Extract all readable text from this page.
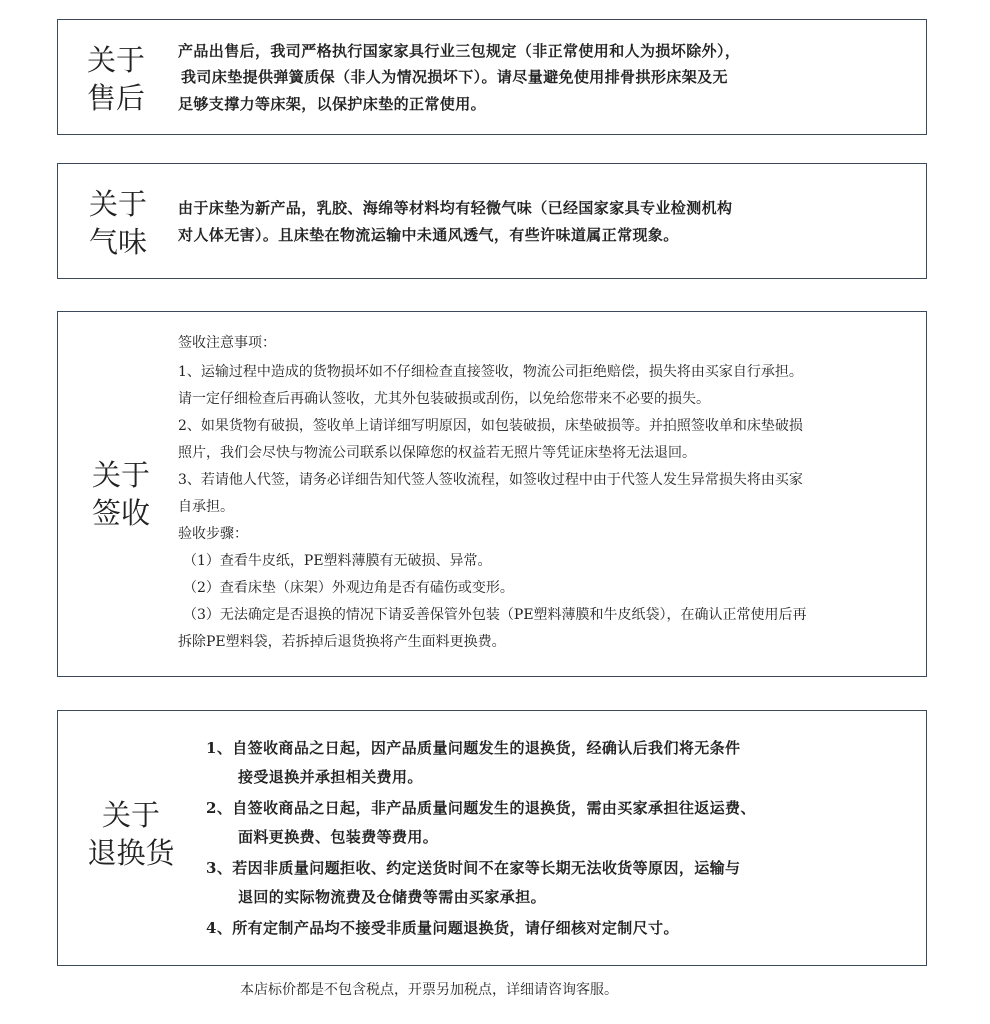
关于
售后
产品出售后，我司严格执行国家家具行业三包规定（非正常使用和人为损坏除外），
我司床垫提供弹簧质保（非人为情况损坏下）。请尽量避免使用排骨拱形床架及无
足够支撑力等床架，以保护床垫的正常使用。
关于
气味
由于床垫为新产品，乳胶、海绵等材料均有轻微气味（已经国家家具专业检测机构
对人体无害）。且床垫在物流运输中未通风透气，有些许味道属正常现象。
关于
签收
签收注意事项：
1、运输过程中造成的货物损坏如不仔细检查直接签收，物流公司拒绝赔偿，损失将由买家自行承担。
请一定仔细检查后再确认签收，尤其外包装破损或刮伤，以免给您带来不必要的损失。
2、如果货物有破损，签收单上请详细写明原因，如包装破损，床垫破损等。并拍照签收单和床垫破损
照片，我们会尽快与物流公司联系以保障您的权益若无照片等凭证床垫将无法退回。
3、若请他人代签，请务必详细告知代签人签收流程，如签收过程中由于代签人发生异常损失将由买家
自承担。
验收步骤：
（1）查看牛皮纸，PE塑料薄膜有无破损、异常。
（2）查看床垫（床架）外观边角是否有磕伤或变形。
（3）无法确定是否退换的情况下请妥善保管外包装（PE塑料薄膜和牛皮纸袋），在确认正常使用后再
拆除PE塑料袋，若拆掉后退货换将产生面料更换费。
关于
退换货
1、自签收商品之日起，因产品质量问题发生的退换货，经确认后我们将无条件
接受退换并承担相关费用。
2、自签收商品之日起，非产品质量问题发生的退换货，需由买家承担往返运费、
面料更换费、包装费等费用。
3、若因非质量问题拒收、约定送货时间不在家等长期无法收货等原因，运输与
退回的实际物流费及仓储费等需由买家承担。
4、所有定制产品均不接受非质量问题退换货，请仔细核对定制尺寸。
本店标价都是不包含税点，开票另加税点，详细请咨询客服。
